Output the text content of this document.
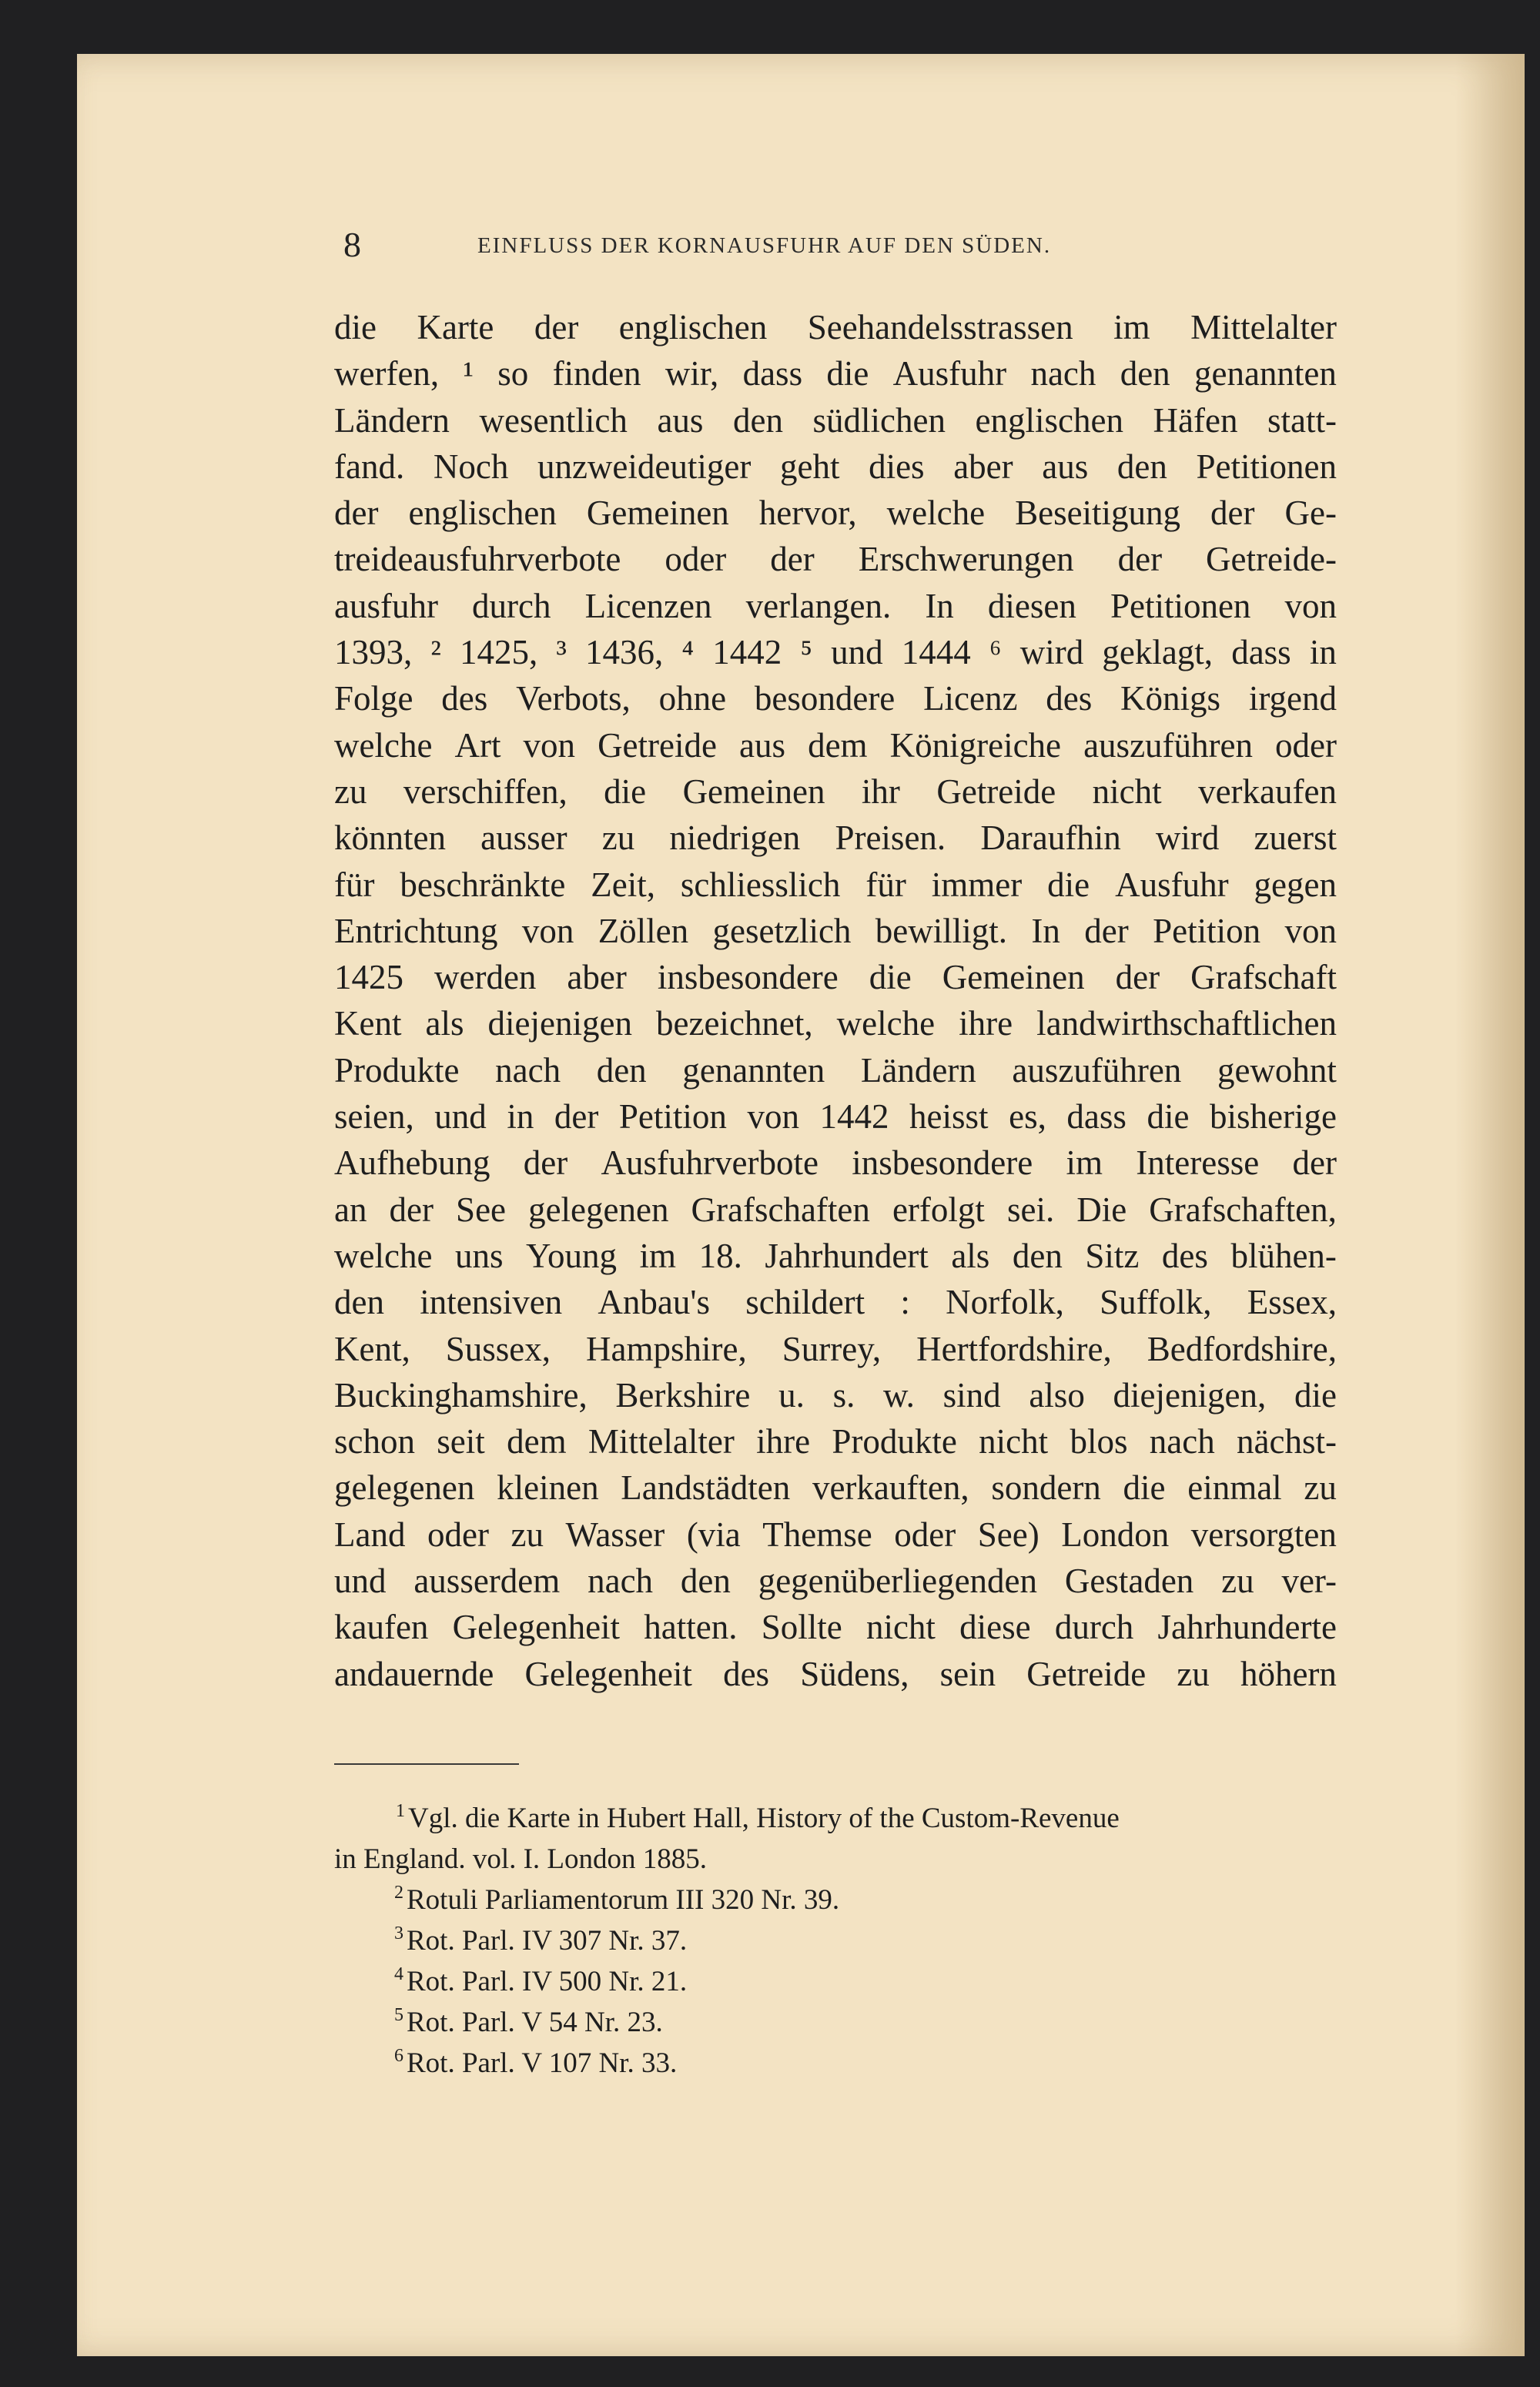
8	EINFLUSS DER KORNAUSFUHR AUF DEN SÜDEN.
die Karte der englischen Seehandelsstrassen im Mittelalter
werfen, ¹ so finden wir, dass die Ausfuhr nach den genannten
Ländern wesentlich aus den südlichen englischen Häfen statt-
fand. Noch unzweideutiger geht dies aber aus den Petitionen
der englischen Gemeinen hervor, welche Beseitigung der Ge-
treideausfuhrverbote oder der Erschwerungen der Getreide-
ausfuhr durch Licenzen verlangen. In diesen Petitionen von
1393, ² 1425, ³ 1436, ⁴ 1442 ⁵ und 1444 ⁶ wird geklagt, dass in
Folge des Verbots, ohne besondere Licenz des Königs irgend
welche Art von Getreide aus dem Königreiche auszuführen oder
zu verschiffen, die Gemeinen ihr Getreide nicht verkaufen
könnten ausser zu niedrigen Preisen. Daraufhin wird zuerst
für beschränkte Zeit, schliesslich für immer die Ausfuhr gegen
Entrichtung von Zöllen gesetzlich bewilligt. In der Petition von
1425 werden aber insbesondere die Gemeinen der Grafschaft
Kent als diejenigen bezeichnet, welche ihre landwirthschaftlichen
Produkte nach den genannten Ländern auszuführen gewohnt
seien, und in der Petition von 1442 heisst es, dass die bisherige
Aufhebung der Ausfuhrverbote insbesondere im Interesse der
an der See gelegenen Grafschaften erfolgt sei. Die Grafschaften,
welche uns Young im 18. Jahrhundert als den Sitz des blühen-
den intensiven Anbau's schildert : Norfolk, Suffolk, Essex,
Kent, Sussex, Hampshire, Surrey, Hertfordshire, Bedfordshire,
Buckinghamshire, Berkshire u. s. w. sind also diejenigen, die
schon seit dem Mittelalter ihre Produkte nicht blos nach nächst-
gelegenen kleinen Landstädten verkauften, sondern die einmal zu
Land oder zu Wasser (via Themse oder See) London versorgten
und ausserdem nach den gegenüberliegenden Gestaden zu ver-
kaufen Gelegenheit hatten. Sollte nicht diese durch Jahrhunderte
andauernde Gelegenheit des Südens, sein Getreide zu höhern
$^1$ Vgl. die Karte in Hubert Hall, History of the Custom-Revenue
in England. vol. I. London 1885.
$^2$ Rotuli Parliamentorum III 320 Nr. 39.
$^3$ Rot. Parl. IV 307 Nr. 37.
$^4$ Rot. Parl. IV 500 Nr. 21.
$^5$ Rot. Parl. V 54 Nr. 23.
$^6$ Rot. Parl. V 107 Nr. 33.
